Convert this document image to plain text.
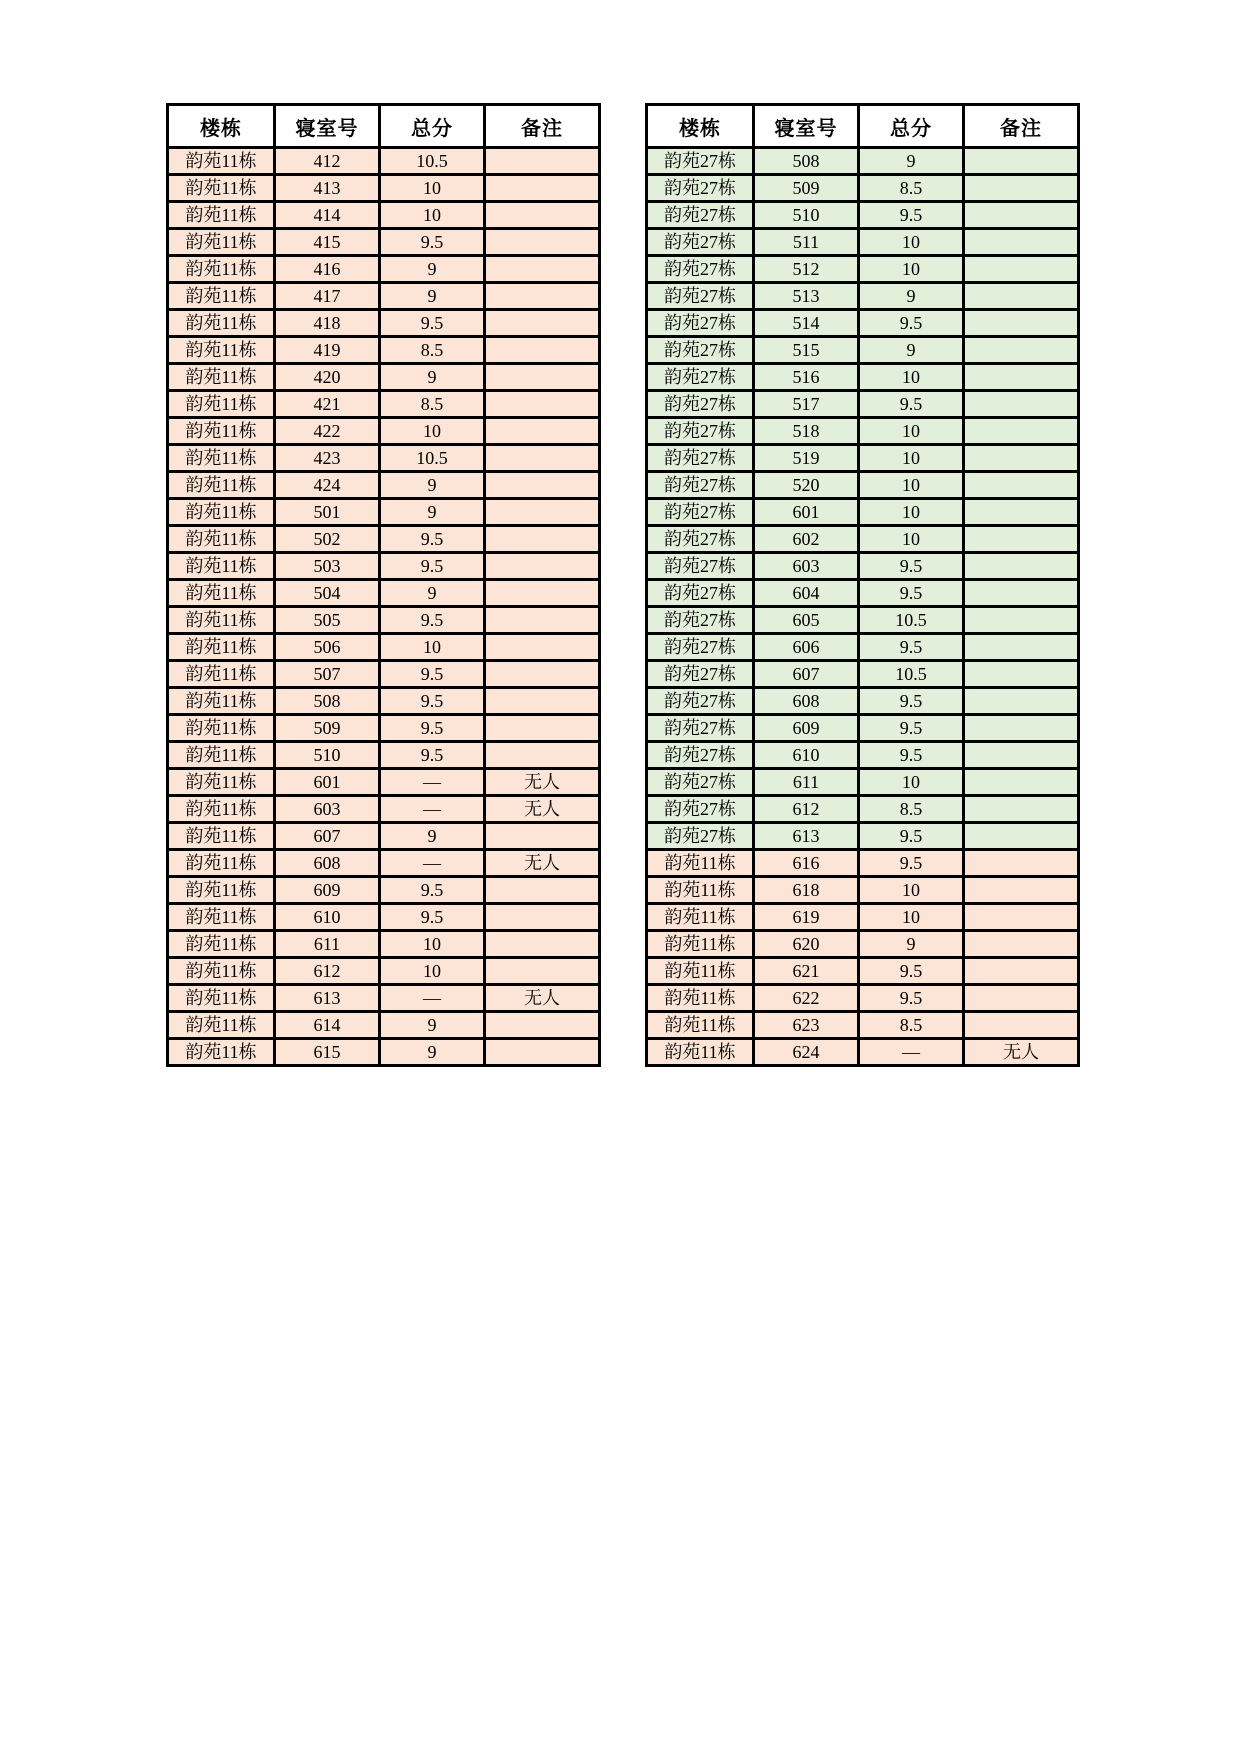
楼栋	寝室号	总分	备注
韵苑11栋	412	10.5	
韵苑11栋	413	10	
韵苑11栋	414	10	
韵苑11栋	415	9.5	
韵苑11栋	416	9	
韵苑11栋	417	9	
韵苑11栋	418	9.5	
韵苑11栋	419	8.5	
韵苑11栋	420	9	
韵苑11栋	421	8.5	
韵苑11栋	422	10	
韵苑11栋	423	10.5	
韵苑11栋	424	9	
韵苑11栋	501	9	
韵苑11栋	502	9.5	
韵苑11栋	503	9.5	
韵苑11栋	504	9	
韵苑11栋	505	9.5	
韵苑11栋	506	10	
韵苑11栋	507	9.5	
韵苑11栋	508	9.5	
韵苑11栋	509	9.5	
韵苑11栋	510	9.5	
韵苑11栋	601	—	无人
韵苑11栋	603	—	无人
韵苑11栋	607	9	
韵苑11栋	608	—	无人
韵苑11栋	609	9.5	
韵苑11栋	610	9.5	
韵苑11栋	611	10	
韵苑11栋	612	10	
韵苑11栋	613	—	无人
韵苑11栋	614	9	
韵苑11栋	615	9	
楼栋	寝室号	总分	备注
韵苑27栋	508	9	
韵苑27栋	509	8.5	
韵苑27栋	510	9.5	
韵苑27栋	511	10	
韵苑27栋	512	10	
韵苑27栋	513	9	
韵苑27栋	514	9.5	
韵苑27栋	515	9	
韵苑27栋	516	10	
韵苑27栋	517	9.5	
韵苑27栋	518	10	
韵苑27栋	519	10	
韵苑27栋	520	10	
韵苑27栋	601	10	
韵苑27栋	602	10	
韵苑27栋	603	9.5	
韵苑27栋	604	9.5	
韵苑27栋	605	10.5	
韵苑27栋	606	9.5	
韵苑27栋	607	10.5	
韵苑27栋	608	9.5	
韵苑27栋	609	9.5	
韵苑27栋	610	9.5	
韵苑27栋	611	10	
韵苑27栋	612	8.5	
韵苑27栋	613	9.5	
韵苑11栋	616	9.5	
韵苑11栋	618	10	
韵苑11栋	619	10	
韵苑11栋	620	9	
韵苑11栋	621	9.5	
韵苑11栋	622	9.5	
韵苑11栋	623	8.5	
韵苑11栋	624	—	无人
